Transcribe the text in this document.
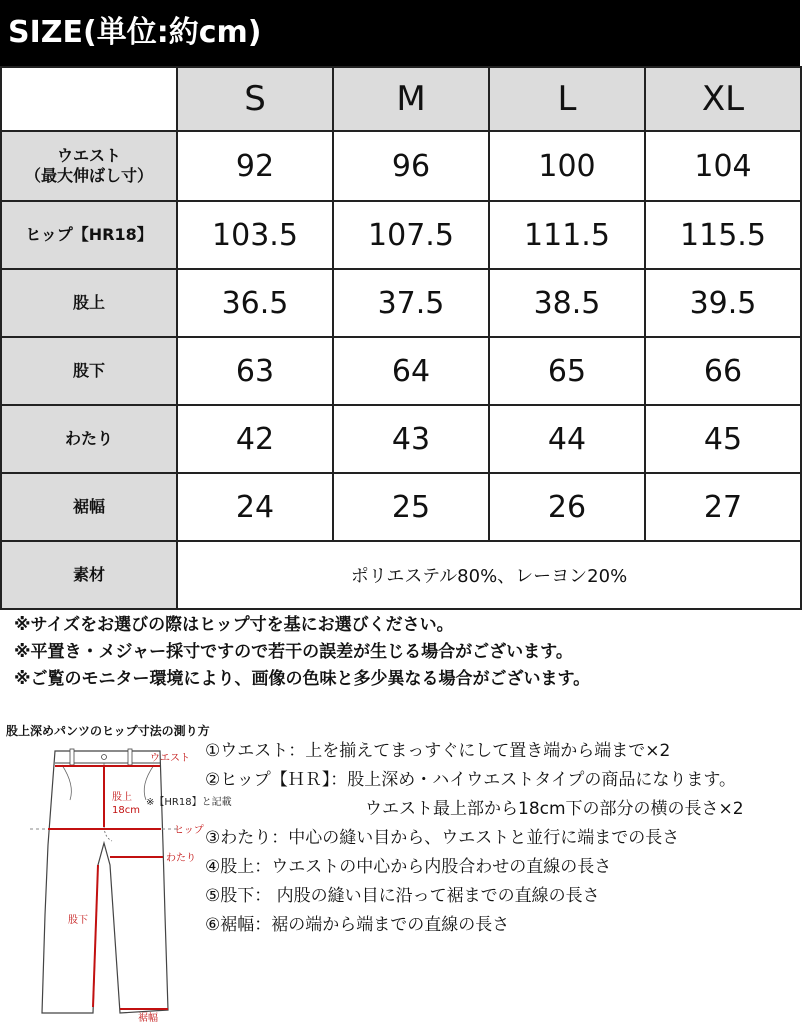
SIZE(単位:約cm)
	S	M	L	XL

ウエスト
（最大伸ばし寸）	92	96	100	104
ヒップ【HR18】	103.5	107.5	111.5	115.5
股上	36.5	37.5	38.5	39.5
股下	63	64	65	66
わたり	42	43	44	45
裾幅	24	25	26	27
素材	ポリエステル80%、レーヨン20%			
※サイズをお選びの際はヒップ寸を基にお選びください。
※平置き・メジャー採寸ですので若干の誤差が生じる場合がございます。
※ご覧のモニター環境により、画像の色味と多少異なる場合がございます。
股上深めパンツのヒップ寸法の測り方
ウエスト
股上
18cm
※【HR18】と記載
ヒップ
わたり
股下
裾幅
①ウエスト：上を揃えてまっすぐにして置き端から端まで×2
②ヒップ【ＨＲ】：股上深め・ハイウエストタイプの商品になります。
ウエスト最上部から18cm下の部分の横の長さ×2
③わたり：中心の縫い目から、ウエストと並行に端までの長さ
④股上：ウエストの中心から内股合わせの直線の長さ
⑤股下： 内股の縫い目に沿って裾までの直線の長さ
⑥裾幅：裾の端から端までの直線の長さ
